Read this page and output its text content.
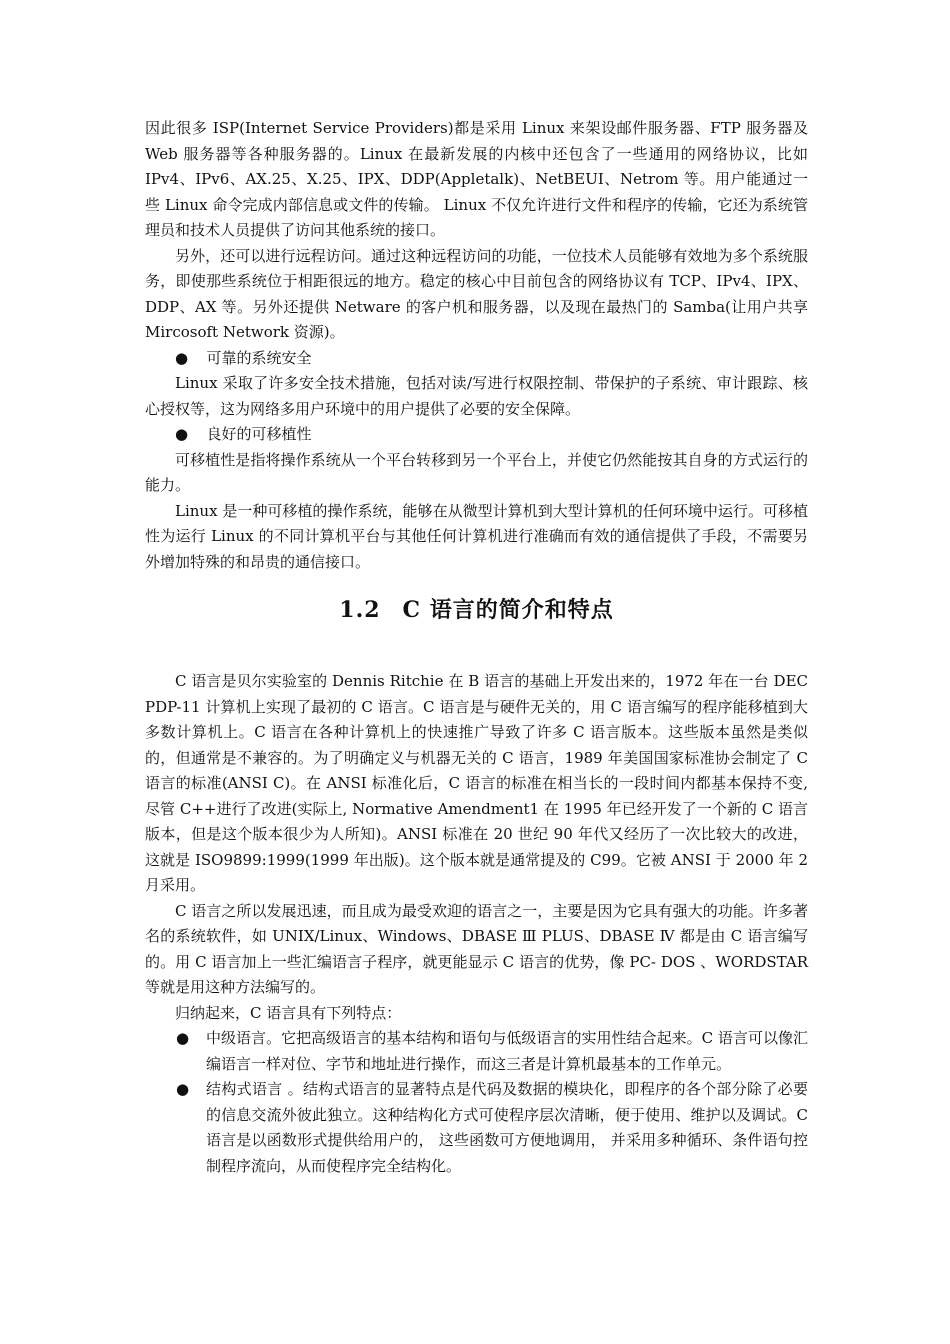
因此很多 ISP(Internet Service Providers)都是采用 Linux 来架设邮件服务器、FTP 服务器及 Web 服务器等各种服务器的。Linux 在最新发展的内核中还包含了一些通用的网络协议，比如 IPv4、IPv6、AX.25、X.25、IPX、DDP(Appletalk)、NetBEUI、Netrom 等。用户能通过一些 Linux 命令完成内部信息或文件的传输。 Linux 不仅允许进行文件和程序的传输，它还为系统管理员和技术人员提供了访问其他系统的接口。

另外，还可以进行远程访问。通过这种远程访问的功能，一位技术人员能够有效地为多个系统服务，即使那些系统位于相距很远的地方。稳定的核心中目前包含的网络协议有 TCP、IPv4、IPX、DDP、AX 等。另外还提供 Netware 的客户机和服务器，以及现在最热门的 Samba(让用户共享 Mircosoft Network 资源)。

● 可靠的系统安全

Linux 采取了许多安全技术措施，包括对读/写进行权限控制、带保护的子系统、审计跟踪、核心授权等，这为网络多用户环境中的用户提供了必要的安全保障。

● 良好的可移植性

可移植性是指将操作系统从一个平台转移到另一个平台上，并使它仍然能按其自身的方式运行的能力。

Linux 是一种可移植的操作系统，能够在从微型计算机到大型计算机的任何环境中运行。可移植性为运行 Linux 的不同计算机平台与其他任何计算机进行准确而有效的通信提供了手段，不需要另外增加特殊的和昂贵的通信接口。

1.2 C 语言的简介和特点

C 语言是贝尔实验室的 Dennis Ritchie 在 B 语言的基础上开发出来的，1972 年在一台 DEC PDP-11 计算机上实现了最初的 C 语言。C 语言是与硬件无关的，用 C 语言编写的程序能移植到大多数计算机上。C 语言在各种计算机上的快速推广导致了许多 C 语言版本。这些版本虽然是类似的，但通常是不兼容的。为了明确定义与机器无关的 C 语言，1989 年美国国家标准协会制定了 C 语言的标准(ANSI C)。在 ANSI 标准化后，C 语言的标准在相当长的一段时间内都基本保持不变, 尽管 C++进行了改进(实际上, Normative Amendment1 在 1995 年已经开发了一个新的 C 语言版本，但是这个版本很少为人所知)。ANSI 标准在 20 世纪 90 年代又经历了一次比较大的改进，这就是 ISO9899:1999(1999 年出版)。这个版本就是通常提及的 C99。它被 ANSI 于 2000 年 2 月采用。

C 语言之所以发展迅速，而且成为最受欢迎的语言之一，主要是因为它具有强大的功能。许多著名的系统软件，如 UNIX/Linux、Windows、DBASE Ⅲ PLUS、DBASE Ⅳ 都是由 C 语言编写的。用 C 语言加上一些汇编语言子程序，就更能显示 C 语言的优势，像 PC- DOS 、WORDSTAR 等就是用这种方法编写的。

归纳起来，C 语言具有下列特点：

● 中级语言。它把高级语言的基本结构和语句与低级语言的实用性结合起来。C 语言可以像汇编语言一样对位、字节和地址进行操作，而这三者是计算机最基本的工作单元。
● 结构式语言 。结构式语言的显著特点是代码及数据的模块化，即程序的各个部分除了必要的信息交流外彼此独立。这种结构化方式可使程序层次清晰，便于使用、维护以及调试。C 语言是以函数形式提供给用户的， 这些函数可方便地调用， 并采用多种循环、条件语句控制程序流向，从而使程序完全结构化。
